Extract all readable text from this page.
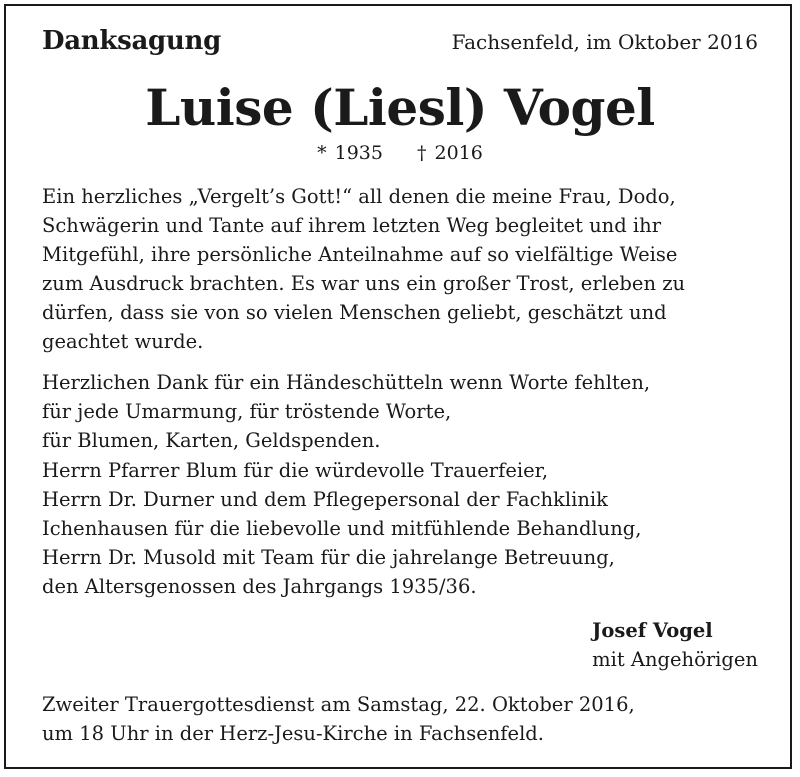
Danksagung	Fachsenfeld, im Oktober 2016
Luise (Liesl) Vogel
* 1935 † 2016
Ein herzliches „Vergelt’s Gott!“ all denen die meine Frau, Dodo,
Schwägerin und Tante auf ihrem letzten Weg begleitet und ihr
Mitgefühl, ihre persönliche Anteilnahme auf so vielfältige Weise
zum Ausdruck brachten. Es war uns ein großer Trost, erleben zu
dürfen, dass sie von so vielen Menschen geliebt, geschätzt und
geachtet wurde.
Herzlichen Dank für ein Händeschütteln wenn Worte fehlten,
für jede Umarmung, für tröstende Worte,
für Blumen, Karten, Geldspenden.
Herrn Pfarrer Blum für die würdevolle Trauerfeier,
Herrn Dr. Durner und dem Pflegepersonal der Fachklinik
Ichenhausen für die liebevolle und mitfühlende Behandlung,
Herrn Dr. Musold mit Team für die jahrelange Betreuung,
den Altersgenossen des Jahrgangs 1935/36.
Josef Vogel
mit Angehörigen
Zweiter Trauergottesdienst am Samstag, 22. Oktober 2016,
um 18 Uhr in der Herz-Jesu-Kirche in Fachsenfeld.
